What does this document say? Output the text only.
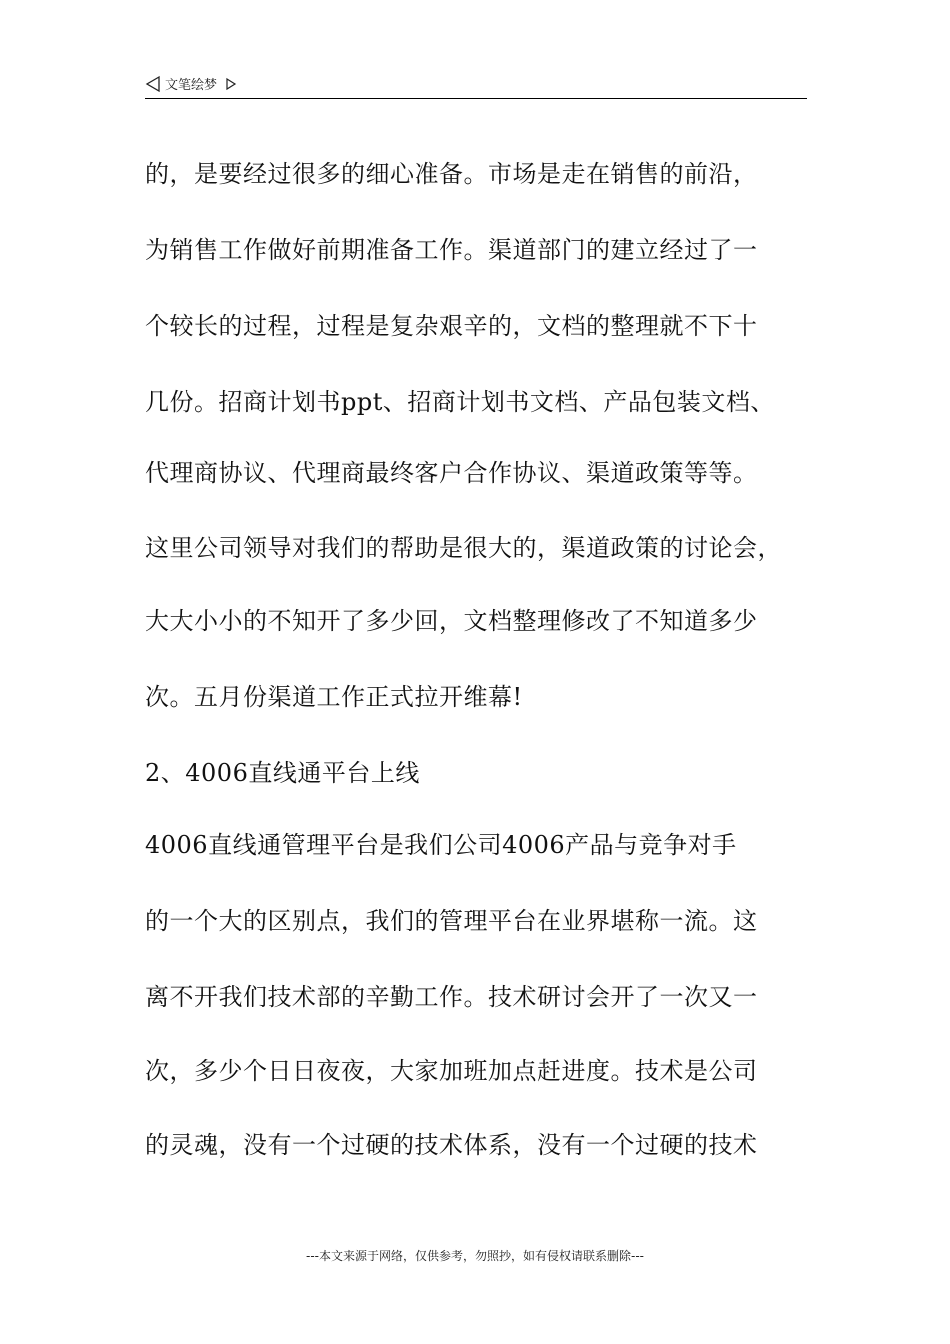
文笔绘梦
的，是要经过很多的细心准备。市场是走在销售的前沿，
为销售工作做好前期准备工作。渠道部门的建立经过了一
个较长的过程，过程是复杂艰辛的，文档的整理就不下十
几份。招商计划书ppt、招商计划书文档、产品包装文档、
代理商协议、代理商最终客户合作协议、渠道政策等等。
这里公司领导对我们的帮助是很大的，渠道政策的讨论会，
大大小小的不知开了多少回，文档整理修改了不知道多少
次。五月份渠道工作正式拉开维幕!
2、4006直线通平台上线
4006直线通管理平台是我们公司4006产品与竞争对手
的一个大的区别点，我们的管理平台在业界堪称一流。这
离不开我们技术部的辛勤工作。技术研讨会开了一次又一
次，多少个日日夜夜，大家加班加点赶进度。技术是公司
的灵魂，没有一个过硬的技术体系，没有一个过硬的技术
---本文来源于网络，仅供参考，勿照抄，如有侵权请联系删除---
